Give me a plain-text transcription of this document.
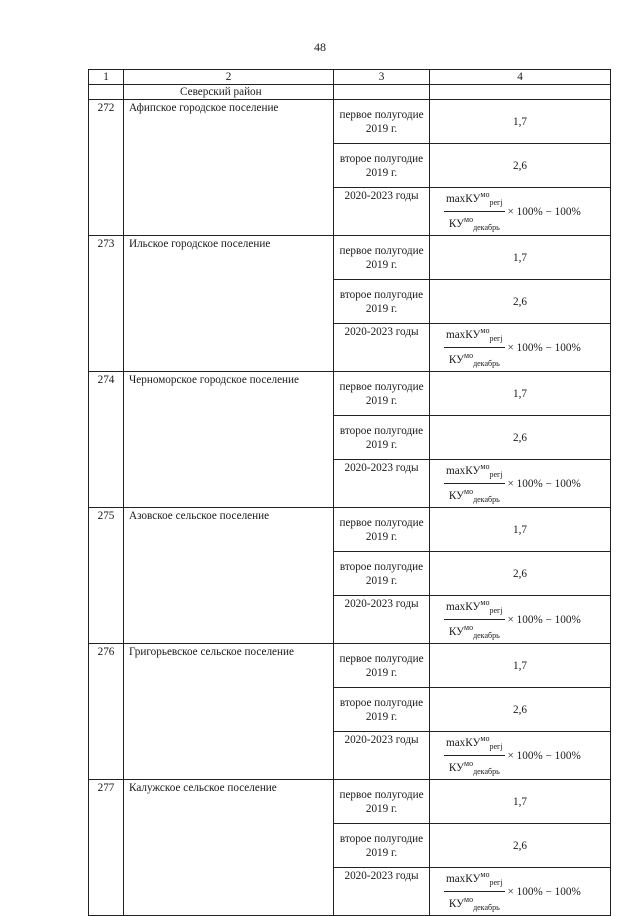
48
1	2	3	4
	Северский район		
272	Афипское городское поселение	первое полугодие 2019 г.	1,7
		второе полугодие 2019 г.	2,6
		2020-2023 годы	$\frac{\max КУ^{мо}_{регj}}{КУ^{мо}_{декабрь}} \times 100\% - 100\%$
273	Ильское городское поселение	первое полугодие 2019 г.	1,7
		второе полугодие 2019 г.	2,6
		2020-2023 годы	$\frac{\max КУ^{мо}_{регj}}{КУ^{мо}_{декабрь}} \times 100\% - 100\%$
274	Черноморское городское поселение	первое полугодие 2019 г.	1,7
		второе полугодие 2019 г.	2,6
		2020-2023 годы	$\frac{\max КУ^{мо}_{регj}}{КУ^{мо}_{декабрь}} \times 100\% - 100\%$
275	Азовское сельское поселение	первое полугодие 2019 г.	1,7
		второе полугодие 2019 г.	2,6
		2020-2023 годы	$\frac{\max КУ^{мо}_{регj}}{КУ^{мо}_{декабрь}} \times 100\% - 100\%$
276	Григорьевское сельское поселение	первое полугодие 2019 г.	1,7
		второе полугодие 2019 г.	2,6
		2020-2023 годы	$\frac{\max КУ^{мо}_{регj}}{КУ^{мо}_{декабрь}} \times 100\% - 100\%$
277	Калужское сельское поселение	первое полугодие 2019 г.	1,7
		второе полугодие 2019 г.	2,6
		2020-2023 годы	$\frac{\max КУ^{мо}_{регj}}{КУ^{мо}_{декабрь}} \times 100\% - 100\%$
